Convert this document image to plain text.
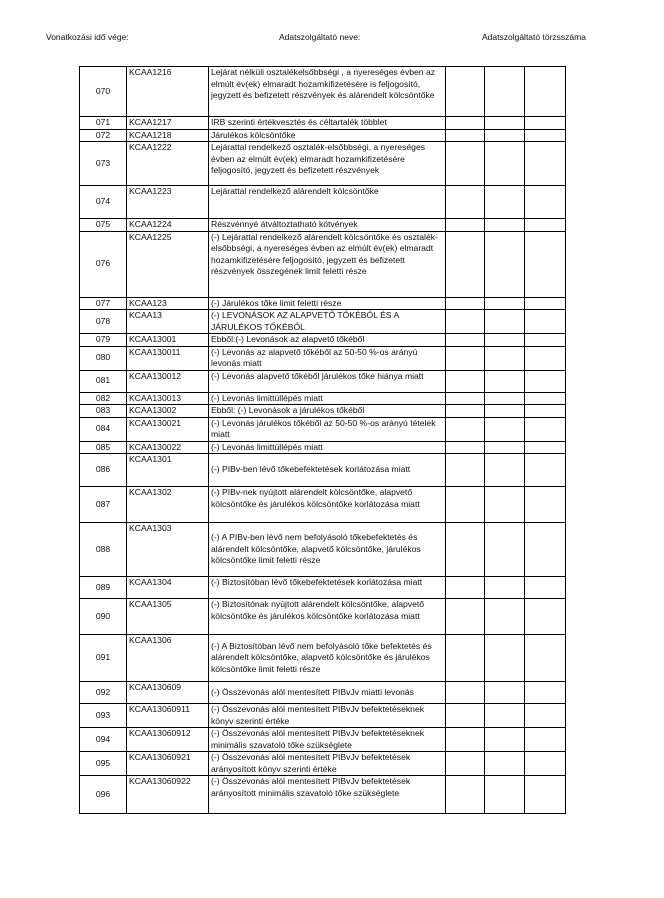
Vonatkozási idő vége:	Adatszolgáltató neve:	Adatszolgáltató törzsszáma
070	KCAA1216	Lejárat nélküli osztalékelsőbbségi , a nyereséges évben az elmúlt év(ek) elmaradt hozamkifizetésére is feljogosító, jegyzett és befizetett részvények és alárendelt kölcsöntőke			
071	KCAA1217	IRB szerinti értékvesztés és céltartalék többlet			
072	KCAA1218	Járulékos kölcsöntőke			
073	KCAA1222	Lejárattal rendelkező osztalék-elsőbbségi, a nyereséges évben az elmúlt év(ek) elmaradt hozamkifizetésére feljogosító, jegyzett és befizetett részvények			
074	KCAA1223	Lejárattal rendelkező alárendelt kölcsöntőke			
075	KCAA1224	Részvénnyé átváltoztatható kötvények			
076	KCAA1225	(-) Lejárattal rendelkező alárendelt kölcsöntőke és osztalék-elsőbbségi, a nyereséges évben az elmúlt év(ek) elmaradt hozamkifizetésére feljogosító, jegyzett és befizetett részvények összegének limit feletti része			
077	KCAA123	(-) Járulékos tőke limit feletti része			
078	KCAA13	(-) LEVONÁSOK AZ ALAPVETŐ TŐKÉBŐL ÉS A JÁRULÉKOS TŐKÉBŐL			
079	KCAA13001	Ebből:(-) Levonások az alapvető tőkéből			
080	KCAA130011	(-) Levonás az alapvető tőkéből az 50-50 %-os arányú levonás miatt			
081	KCAA130012	(-) Levonás alapvető tőkéből járulékos tőke hiánya miatt			
082	KCAA130013	(-) Levonás limittúllépés miatt			
083	KCAA13002	Ebből: (-) Levonások a járulékos tőkéből			
084	KCAA130021	(-) Levonás járulékos tőkéből az 50-50 %-os arányú tételek miatt			
085	KCAA130022	(-) Levonás limittúllépés miatt			
086	KCAA1301	(-) PIBv-ben lévő tőkebefektetések korlátozása miatt			
087	KCAA1302	(-) PIBv-nek nyújtott alárendelt kölcsöntőke, alapvető kölcsöntőke és járulékos kölcsöntőke korlátozása miatt			
088	KCAA1303	(-) A PIBv-ben lévő nem befolyásoló tőkebefektetés és alárendelt kölcsöntőke, alapvető kölcsöntőke, járulékos kölcsöntőke limit feletti része			
089	KCAA1304	(-) Biztosítóban lévő tőkebefektetések korlátozása miatt			
090	KCAA1305	(-) Biztosítónak nyújtott alárendelt kölcsöntőke, alapvető kölcsöntőke és járulékos kölcsöntőke korlátozása miatt			
091	KCAA1306	(-) A Biztosítóban lévő nem befolyásoló tőke befektetés és alárendelt kölcsöntőke, alapvető kölcsöntőke és járulékos kölcsöntőke limit feletti része			
092	KCAA130609	(-) Összevonás alól mentesített PIBvJv miatti levonás			
093	KCAA13060911	(-) Összevonás alól mentesített PIBvJv befektetéseknek könyv szerinti értéke			
094	KCAA13060912	(-) Összevonás alól mentesített PIBvJv befektetéseknek minimális szavatoló tőke szükséglete			
095	KCAA13060921	(-) Összevonás alól mentesített PIBvJv befektetések arányosított könyv szerinti értéke			
096	KCAA13060922	(-) Összevonás alól mentesített PIBvJv befektetések arányosított minimális szavatoló tőke szükséglete			
